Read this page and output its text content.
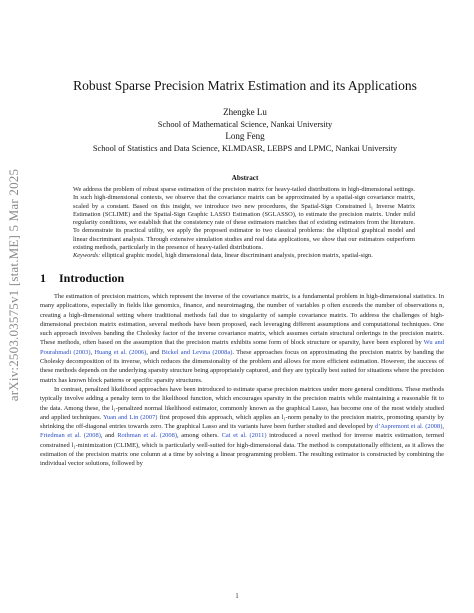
arXiv:2503.03575v1 [stat.ME] 5 Mar 2025
Robust Sparse Precision Matrix Estimation and its Applications
Zhengke Lu
School of Mathematical Science, Nankai University
Long Feng
School of Statistics and Data Science, KLMDASR, LEBPS and LPMC, Nankai University
Abstract

We address the problem of robust sparse estimation of the precision matrix for heavy-tailed distributions in high-dimensional settings. In such high-dimensional contexts, we observe that the covariance matrix can be approximated by a spatial-sign covariance matrix, scaled by a constant. Based on this insight, we introduce two new procedures, the Spatial-Sign Constrained l₁ Inverse Matrix Estimation (SCLIME) and the Spatial-Sign Graphic LASSO Estimation (SGLASSO), to estimate the precision matrix. Under mild regularity conditions, we establish that the consistency rate of these estimators matches that of existing estimators from the literature. To demonstrate its practical utility, we apply the proposed estimator to two classical problems: the elliptical graphical model and linear discriminant analysis. Through extensive simulation studies and real data applications, we show that our estimators outperform existing methods, particularly in the presence of heavy-tailed distributions.

Keywords: elliptical graphic model, high dimensional data, linear discriminant analysis, precision matrix, spatial-sign.

1 Introduction

The estimation of precision matrices, which represent the inverse of the covariance matrix, is a fundamental problem in high-dimensional statistics. In many applications, especially in fields like genomics, finance, and neuroimaging, the number of variables p often exceeds the number of observations n, creating a high-dimensional setting where traditional methods fail due to singularity of sample covariance matrix. To address the challenges of high-dimensional precision matrix estimation, several methods have been proposed, each leveraging different assumptions and computational techniques. One such approach involves banding the Cholesky factor of the inverse covariance matrix, which assumes certain structural orderings in the precision matrix. These methods, often based on the assumption that the precision matrix exhibits some form of block structure or sparsity, have been explored by Wu and Pourahmadi (2003), Huang et al. (2006), and Bickel and Levina (2008a). These approaches focus on approximating the precision matrix by banding the Cholesky decomposition of its inverse, which reduces the dimensionality of the problem and allows for more efficient estimation. However, the success of these methods depends on the underlying sparsity structure being appropriately captured, and they are typically best suited for situations where the precision matrix has known block patterns or specific sparsity structures.

In contrast, penalized likelihood approaches have been introduced to estimate sparse precision matrices under more general conditions. These methods typically involve adding a penalty term to the likelihood function, which encourages sparsity in the precision matrix while maintaining a reasonable fit to the data. Among these, the l₁-penalized normal likelihood estimator, commonly known as the graphical Lasso, has become one of the most widely studied and applied techniques. Yuan and Lin (2007) first proposed this approach, which applies an l₁-norm penalty to the precision matrix, promoting sparsity by shrinking the off-diagonal entries towards zero. The graphical Lasso and its variants have been further studied and developed by d’Aspremont et al. (2008), Friedman et al. (2008), and Rothman et al. (2008), among others. Cai et al. (2011) introduced a novel method for inverse matrix estimation, termed constrained l₁-minimization (CLIME), which is particularly well-suited for high-dimensional data. The method is computationally efficient, as it allows the estimation of the precision matrix one column at a time by solving a linear programming problem. The resulting estimator is constructed by combining the individual vector solutions, followed by

1
